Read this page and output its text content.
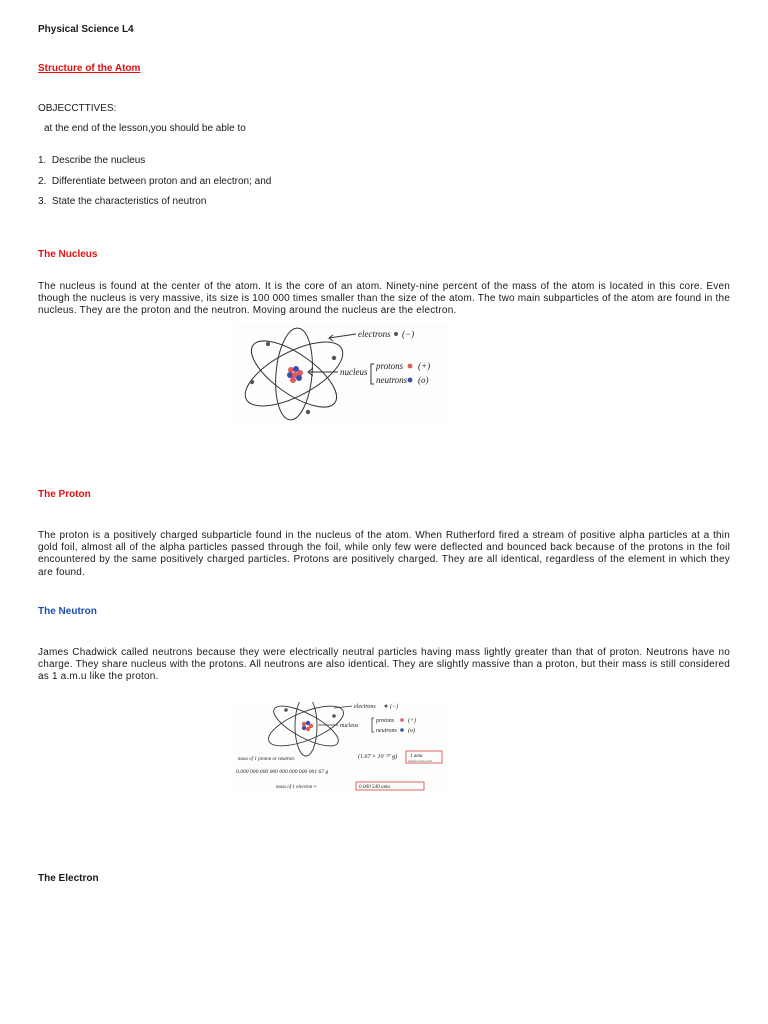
Physical Science L4
Structure of the Atom
OBJECCTTIVES:
at the end of the lesson,you should be able to
1. Describe the nucleus
2. Differentiate between proton and an electron; and
3. State the characteristics of neutron
The Nucleus
The nucleus is found at the center of the atom. It is the core of an atom. Ninety-nine percent of the mass of the atom is located in this core. Even though the nucleus is very massive, its size is 100 000 times smaller than the size of the atom. The two main subparticles of the atom are found in the nucleus. They are the proton and the neutron. Moving around the nucleus are the electron.
electrons (−)
nucleus
protons (+)
neutrons (o)
The Proton
The proton is a positively charged subparticle found in the nucleus of the atom. When Rutherford fired a stream of positive alpha particles at a thin gold foil, almost all of the alpha particles passed through the foil, while only few were deflected and bounced back because of the protons in the foil encountered by the same positively charged particles. Protons are positively charged. They are all identical, regardless of the element in which they are found.
The Neutron
James Chadwick called neutrons because they were electrically neutral particles having mass lightly greater than that of proton. Neutrons have no charge. They share nucleus with the protons. All neutrons are also identical. They are slightly massive than a proton, but their mass is still considered as 1 a.m.u like the proton.
electrons (−)
nucleus
protons (+)
neutrons (o)
(1.67 × 10⁻²⁷ g)	1 amu
atomic mass unit
mass of 1 proton or neutron:
0.000 000 000 000 000 000 000 001 67 g
mass of 1 electron ≈	0.000 549 amu
The Electron
